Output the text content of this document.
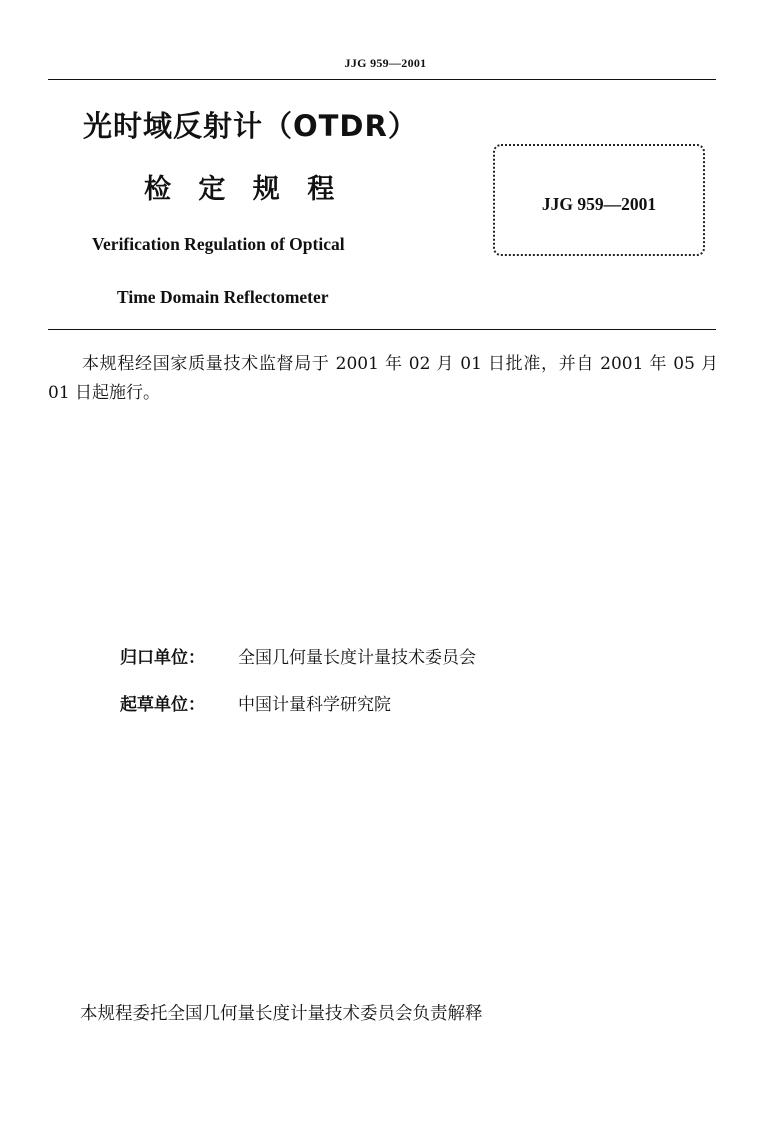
JJG 959—2001
光时域反射计（OTDR）
检 定 规 程
Verification Regulation of Optical
Time Domain Reflectometer
JJG 959—2001
本规程经国家质量技术监督局于 2001 年 02 月 01 日批准，并自 2001 年 05 月 01 日起施行。
归口单位： 全国几何量长度计量技术委员会
起草单位： 中国计量科学研究院
本规程委托全国几何量长度计量技术委员会负责解释
